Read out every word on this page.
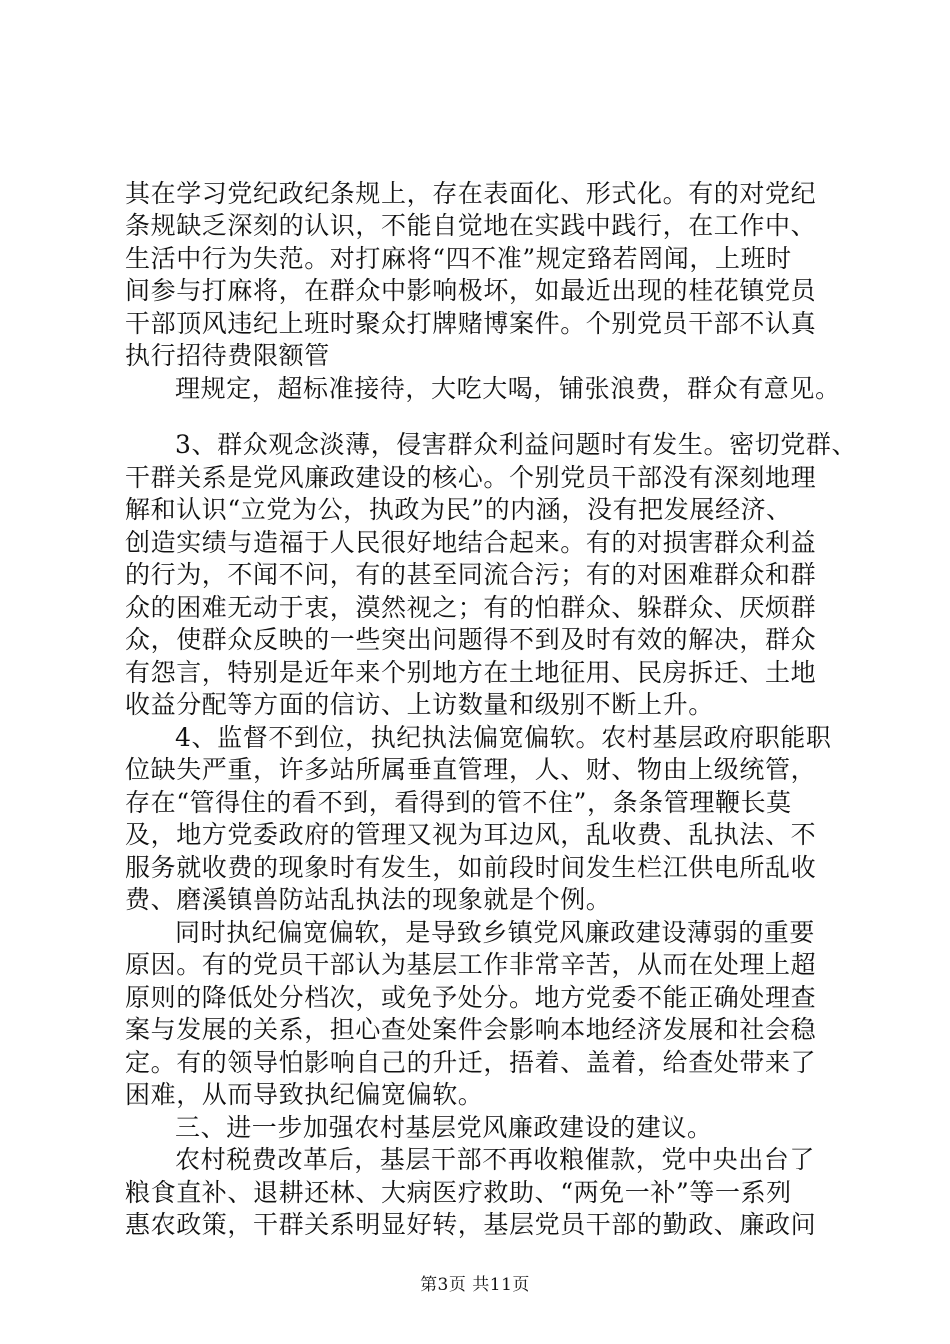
其在学习党纪政纪条规上，存在表面化、形式化。有的对党纪
条规缺乏深刻的认识，不能自觉地在实践中践行，在工作中、
生活中行为失范。对打麻将“四不准”规定臵若罔闻，上班时
间参与打麻将，在群众中影响极坏，如最近出现的桂花镇党员
干部顶风违纪上班时聚众打牌赌博案件。个别党员干部不认真
执行招待费限额管
理规定，超标准接待，大吃大喝，铺张浪费，群众有意见。
3、群众观念淡薄，侵害群众利益问题时有发生。密切党群、
干群关系是党风廉政建设的核心。个别党员干部没有深刻地理
解和认识“立党为公，执政为民”的内涵，没有把发展经济、
创造实绩与造福于人民很好地结合起来。有的对损害群众利益
的行为，不闻不问，有的甚至同流合污；有的对困难群众和群
众的困难无动于衷，漠然视之；有的怕群众、躲群众、厌烦群
众，使群众反映的一些突出问题得不到及时有效的解决，群众
有怨言，特别是近年来个别地方在土地征用、民房拆迁、土地
收益分配等方面的信访、上访数量和级别不断上升。
4、监督不到位，执纪执法偏宽偏软。农村基层政府职能职
位缺失严重，许多站所属垂直管理，人、财、物由上级统管，
存在“管得住的看不到，看得到的管不住”，条条管理鞭长莫
及，地方党委政府的管理又视为耳边风，乱收费、乱执法、不
服务就收费的现象时有发生，如前段时间发生栏江供电所乱收
费、磨溪镇兽防站乱执法的现象就是个例。
同时执纪偏宽偏软，是导致乡镇党风廉政建设薄弱的重要
原因。有的党员干部认为基层工作非常辛苦，从而在处理上超
原则的降低处分档次，或免予处分。地方党委不能正确处理查
案与发展的关系，担心查处案件会影响本地经济发展和社会稳
定。有的领导怕影响自己的升迁，捂着、盖着，给查处带来了
困难，从而导致执纪偏宽偏软。
三、进一步加强农村基层党风廉政建设的建议。
农村税费改革后，基层干部不再收粮催款，党中央出台了
粮食直补、退耕还林、大病医疗救助、“两免一补”等一系列
惠农政策，干群关系明显好转，基层党员干部的勤政、廉政问
第3页 共11页
